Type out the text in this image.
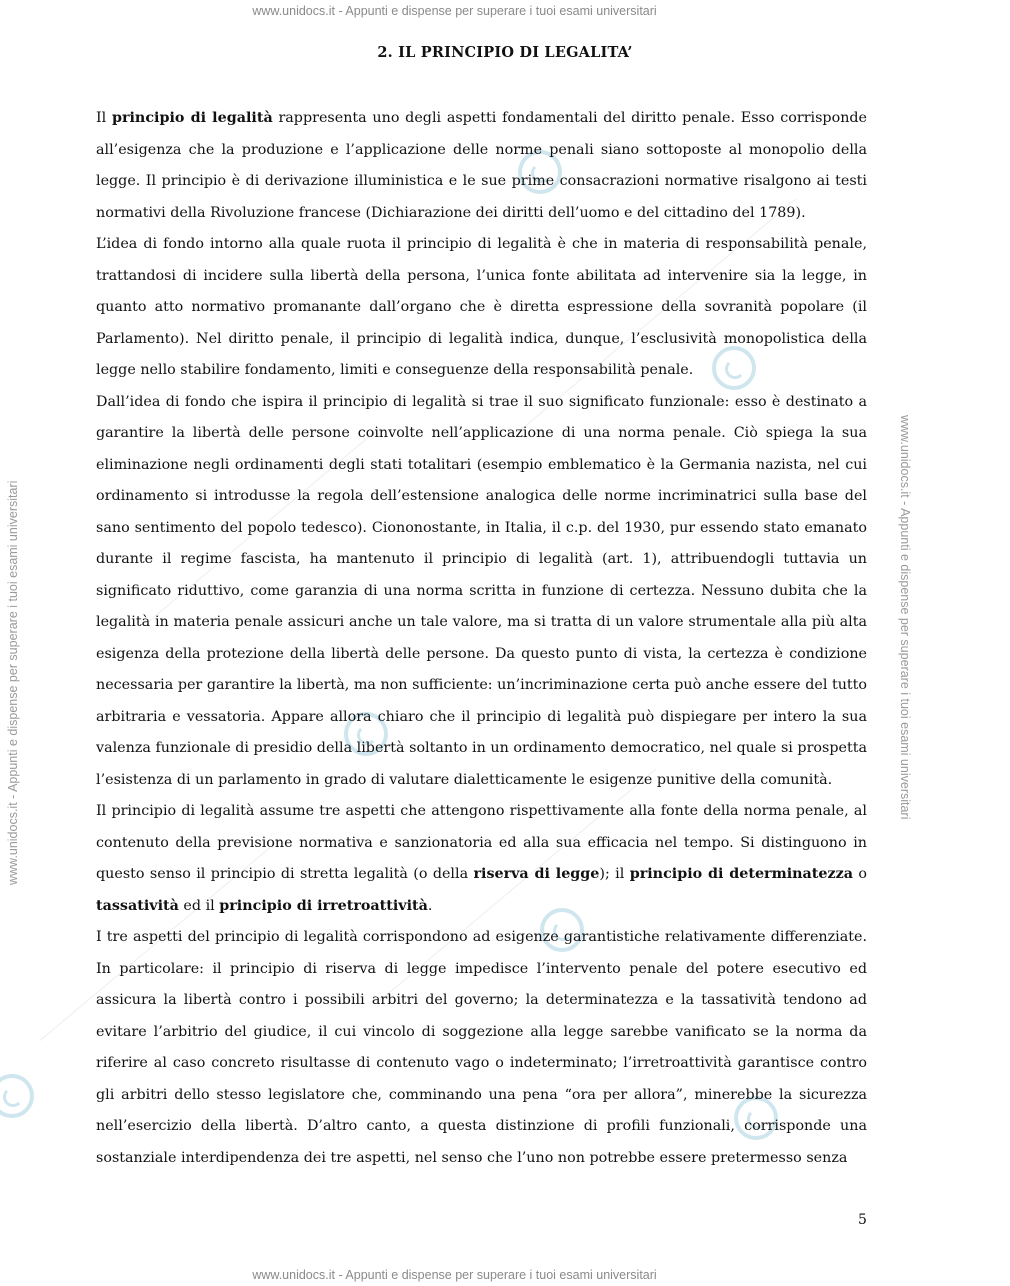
www.unidocs.it - Appunti e dispense per superare i tuoi esami universitari
www.unidocs.it - Appunti e dispense per superare i tuoi esami universitari
www.unidocs.it - Appunti e dispense per superare i tuoi esami universitari	www.unidocs.it - Appunti e dispense per superare i tuoi esami universitari
2. IL PRINCIPIO DI LEGALITA’

Il principio di legalità rappresenta uno degli aspetti fondamentali del diritto penale. Esso corrisponde all’esigenza che la produzione e l’applicazione delle norme penali siano sottoposte al monopolio della legge. Il principio è di derivazione illuministica e le sue prime consacrazioni normative risalgono ai testi normativi della Rivoluzione francese (Dichiarazione dei diritti dell’uomo e del cittadino del 1789).

L’idea di fondo intorno alla quale ruota il principio di legalità è che in materia di responsabilità penale, trattandosi di incidere sulla libertà della persona, l’unica fonte abilitata ad intervenire sia la legge, in quanto atto normativo promanante dall’organo che è diretta espressione della sovranità popolare (il Parlamento). Nel diritto penale, il principio di legalità indica, dunque, l’esclusività monopolistica della legge nello stabilire fondamento, limiti e conseguenze della responsabilità penale.

Dall’idea di fondo che ispira il principio di legalità si trae il suo significato funzionale: esso è destinato a garantire la libertà delle persone coinvolte nell’applicazione di una norma penale. Ciò spiega la sua eliminazione negli ordinamenti degli stati totalitari (esempio emblematico è la Germania nazista, nel cui ordinamento si introdusse la regola dell’estensione analogica delle norme incriminatrici sulla base del sano sentimento del popolo tedesco). Ciononostante, in Italia, il c.p. del 1930, pur essendo stato emanato durante il regime fascista, ha mantenuto il principio di legalità (art. 1), attribuendogli tuttavia un significato riduttivo, come garanzia di una norma scritta in funzione di certezza. Nessuno dubita che la legalità in materia penale assicuri anche un tale valore, ma si tratta di un valore strumentale alla più alta esigenza della protezione della libertà delle persone. Da questo punto di vista, la certezza è condizione necessaria per garantire la libertà, ma non sufficiente: un’incriminazione certa può anche essere del tutto arbitraria e vessatoria. Appare allora chiaro che il principio di legalità può dispiegare per intero la sua valenza funzionale di presidio della libertà soltanto in un ordinamento democratico, nel quale si prospetta l’esistenza di un parlamento in grado di valutare dialetticamente le esigenze punitive della comunità.

Il principio di legalità assume tre aspetti che attengono rispettivamente alla fonte della norma penale, al contenuto della previsione normativa e sanzionatoria ed alla sua efficacia nel tempo. Si distinguono in questo senso il principio di stretta legalità (o della riserva di legge); il principio di determinatezza o tassatività ed il principio di irretroattività.

I tre aspetti del principio di legalità corrispondono ad esigenze garantistiche relativamente differenziate. In particolare: il principio di riserva di legge impedisce l’intervento penale del potere esecutivo ed assicura la libertà contro i possibili arbitri del governo; la determinatezza e la tassatività tendono ad evitare l’arbitrio del giudice, il cui vincolo di soggezione alla legge sarebbe vanificato se la norma da riferire al caso concreto risultasse di contenuto vago o indeterminato; l’irretroattività garantisce contro gli arbitri dello stesso legislatore che, comminando una pena “ora per allora”, minerebbe la sicurezza nell’esercizio della libertà. D’altro canto, a questa distinzione di profili funzionali, corrisponde una sostanziale interdipendenza dei tre aspetti, nel senso che l’uno non potrebbe essere pretermesso senza

5
